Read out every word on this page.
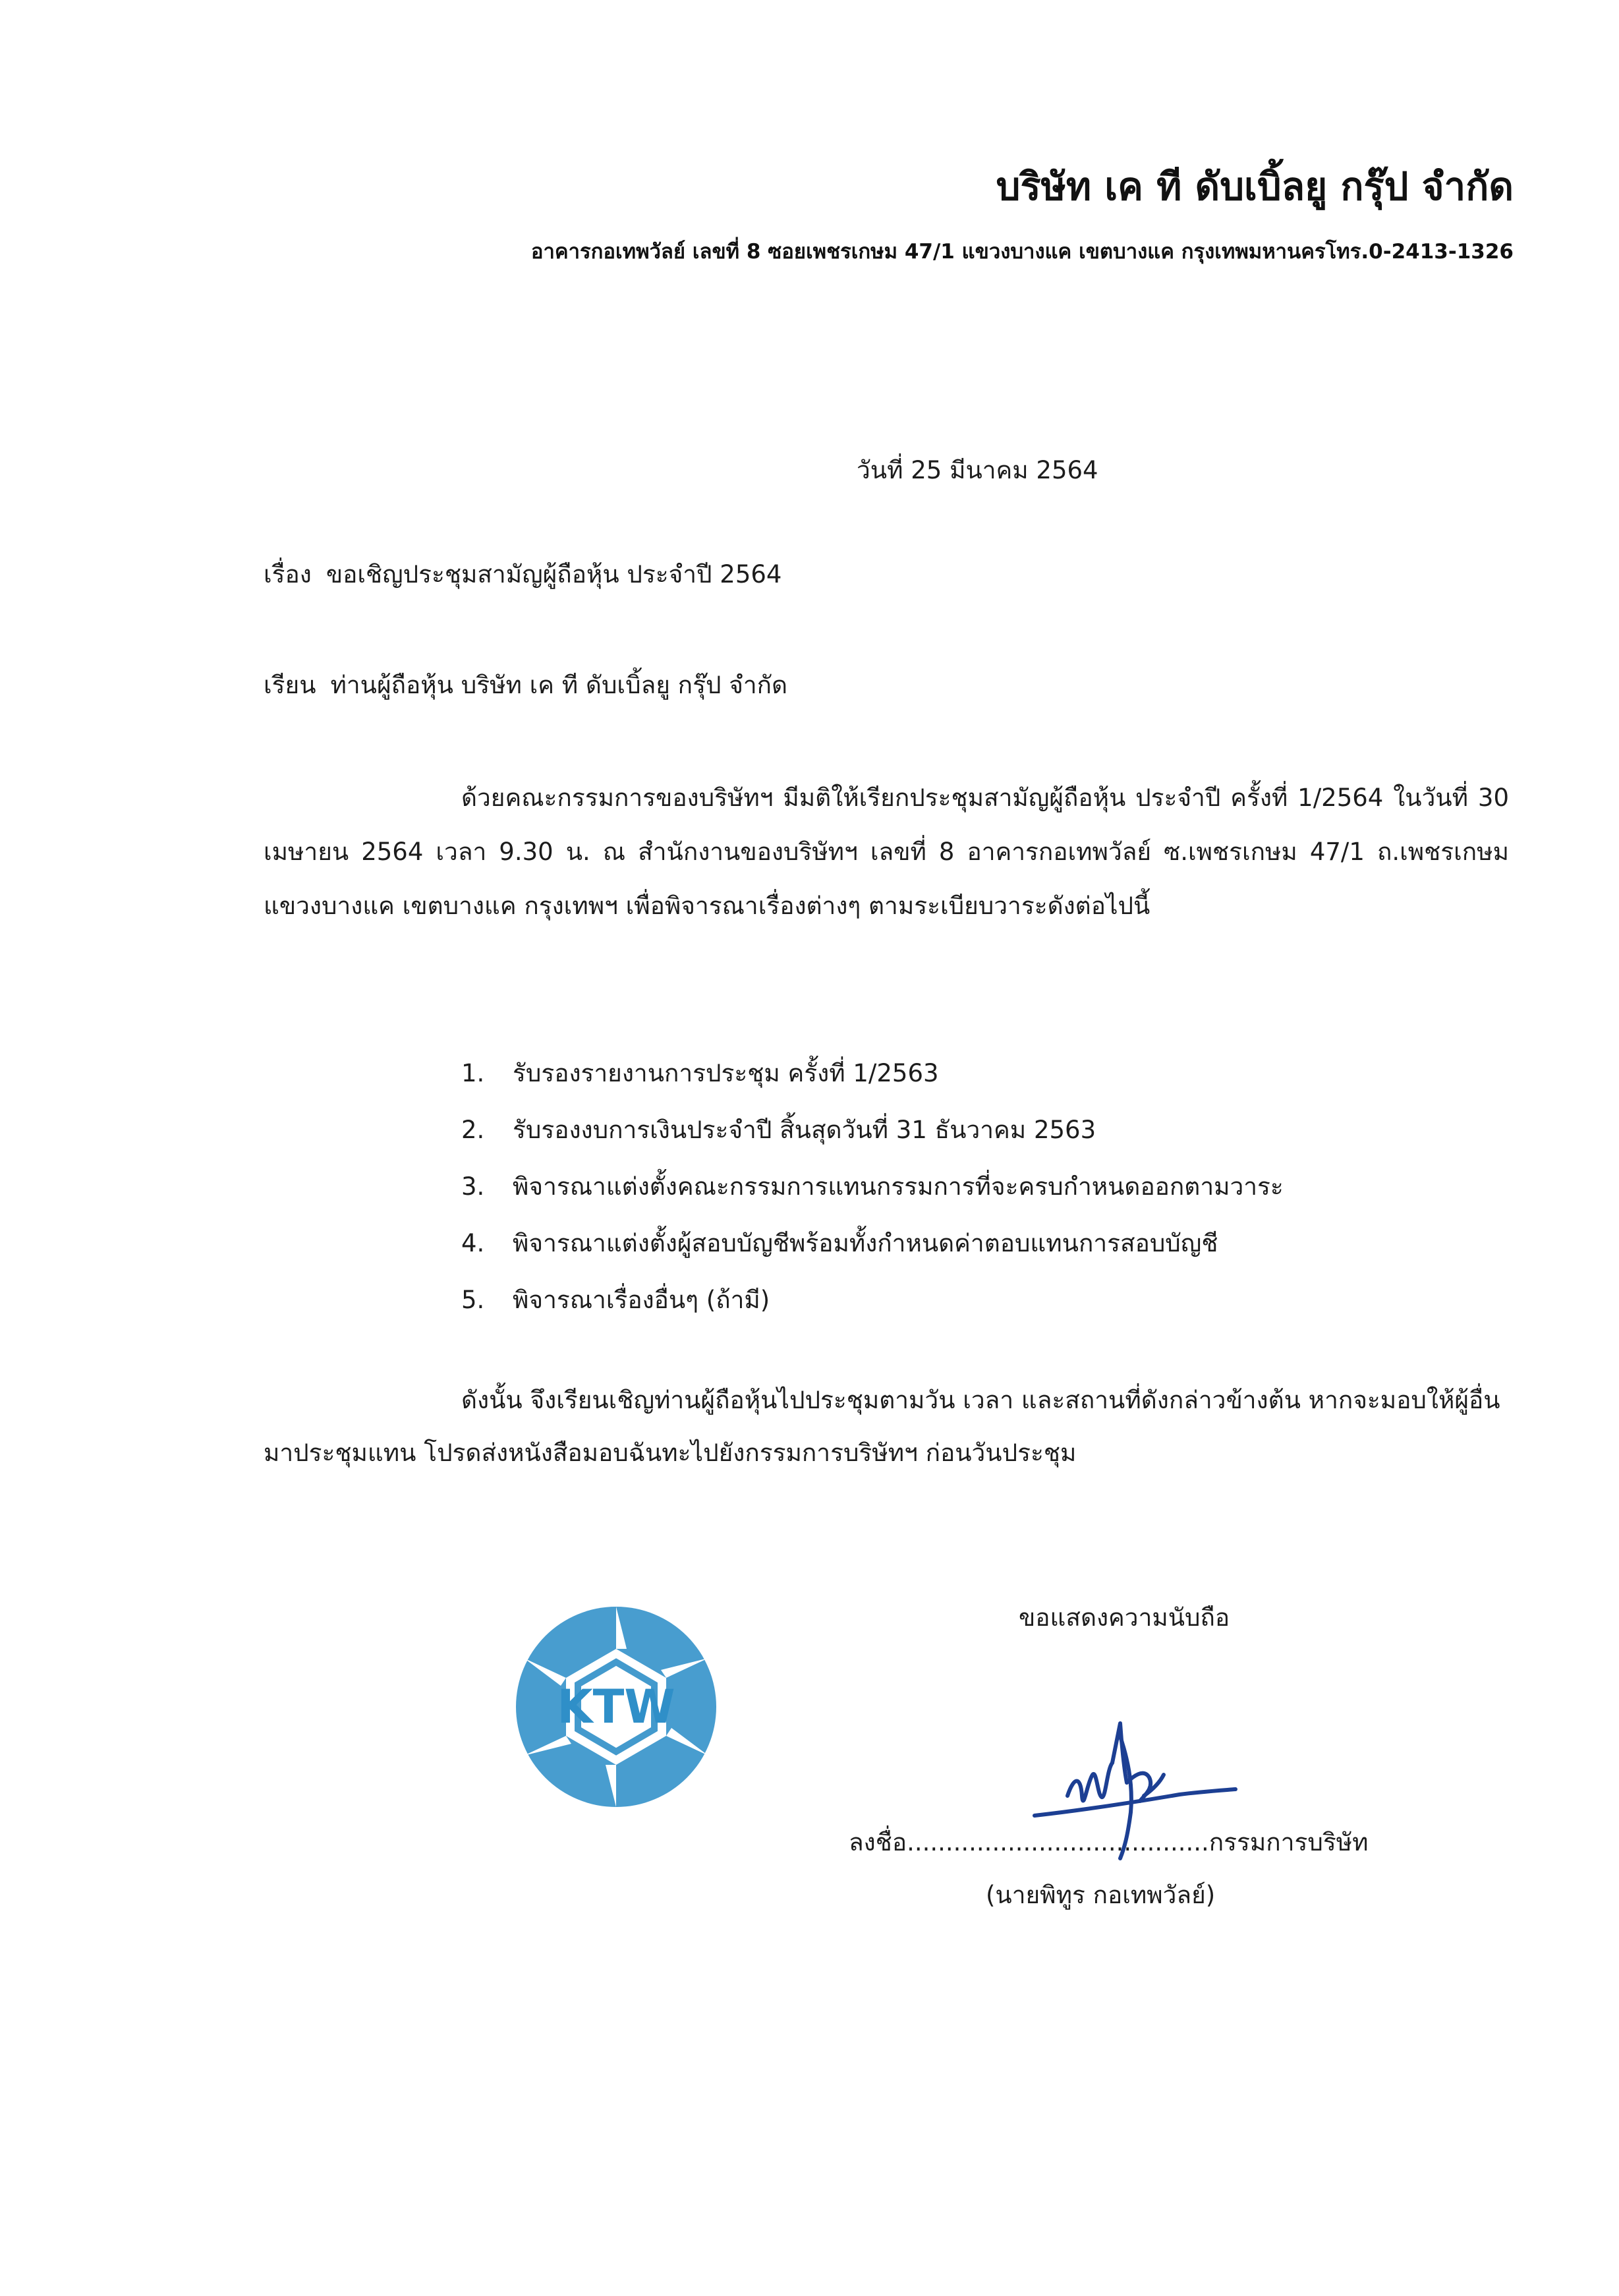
บริษัท เค ที ดับเบิ้ลยู กรุ๊ป จำกัด
อาคารกอเทพวัลย์ เลขที่ 8 ซอยเพชรเกษม 47/1 แขวงบางแค เขตบางแค กรุงเทพมหานครโทร.0-2413-1326
วันที่ 25 มีนาคม 2564
เรื่อง ขอเชิญประชุมสามัญผู้ถือหุ้น ประจำปี 2564
เรียน ท่านผู้ถือหุ้น บริษัท เค ที ดับเบิ้ลยู กรุ๊ป จำกัด
ด้วยคณะกรรมการของบริษัทฯ มีมติให้เรียกประชุมสามัญผู้ถือหุ้น ประจำปี ครั้งที่ 1/2564 ในวันที่ 30 เมษายน 2564 เวลา 9.30 น. ณ สำนักงานของบริษัทฯ เลขที่ 8 อาคารกอเทพวัลย์ ซ.เพชรเกษม 47/1 ถ.เพชรเกษม แขวงบางแค เขตบางแค กรุงเทพฯ เพื่อพิจารณาเรื่องต่างๆ ตามระเบียบวาระดังต่อไปนี้
1. รับรองรายงานการประชุม ครั้งที่ 1/2563
2. รับรองงบการเงินประจำปี สิ้นสุดวันที่ 31 ธันวาคม 2563
3. พิจารณาแต่งตั้งคณะกรรมการแทนกรรมการที่จะครบกำหนดออกตามวาระ
4. พิจารณาแต่งตั้งผู้สอบบัญชีพร้อมทั้งกำหนดค่าตอบแทนการสอบบัญชี
5. พิจารณาเรื่องอื่นๆ (ถ้ามี)
ดังนั้น จึงเรียนเชิญท่านผู้ถือหุ้นไปประชุมตามวัน เวลา และสถานที่ดังกล่าวข้างต้น หากจะมอบให้ผู้อื่นมาประชุมแทน โปรดส่งหนังสือมอบฉันทะไปยังกรรมการบริษัทฯ ก่อนวันประชุม
ขอแสดงความนับถือ
KTW
ลงชื่อ.......................................กรรมการบริษัท
(นายพิทูร กอเทพวัลย์)
